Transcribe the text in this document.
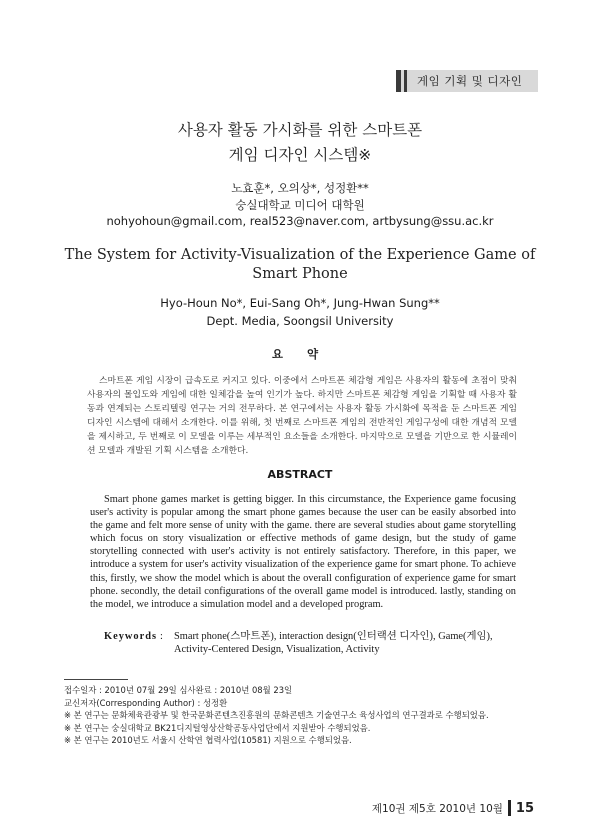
게임 기획 및 디자인
사용자 활동 가시화를 위한 스마트폰
게임 디자인 시스템※
노효훈*, 오의상*, 성정환**
숭실대학교 미디어 대학원
nohyohoun@gmail.com, real523@naver.com, artbysung@ssu.ac.kr
The System for Activity-Visualization of the Experience Game of Smart Phone
Hyo-Houn No*, Eui-Sang Oh*, Jung-Hwan Sung**
Dept. Media, Soongsil University
요 약
스마트폰 게임 시장이 급속도로 커지고 있다. 이중에서 스마트폰 체감형 게임은 사용자의 활동에 초점이 맞춰 사용자의 몰입도와 게임에 대한 일체감을 높여 인기가 높다. 하지만 스마트폰 체감형 게임을 기획할 때 사용자 활동과 연계되는 스토리텔링 연구는 거의 전무하다. 본 연구에서는 사용자 활동 가시화에 목적을 둔 스마트폰 게임 디자인 시스템에 대해서 소개한다. 이를 위해, 첫 번째로 스마트폰 게임의 전반적인 게임구성에 대한 개념적 모델을 제시하고, 두 번째로 이 모델을 이루는 세부적인 요소들을 소개한다. 마지막으로 모델을 기반으로 한 시뮬레이션 모델과 개발된 기획 시스템을 소개한다.
ABSTRACT
Smart phone games market is getting bigger. In this circumstance, the Experience game focusing user's activity is popular among the smart phone games because the user can be easily absorbed into the game and felt more sense of unity with the game. there are several studies about game storytelling which focus on story visualization or effective methods of game design, but the study of game storytelling connected with user's activity is not entirely satisfactory. Therefore, in this paper, we introduce a system for user's activity visualization of the experience game for smart phone. To achieve this, firstly, we show the model which is about the overall configuration of experience game for smart phone. secondly, the detail configurations of the overall game model is introduced. lastly, standing on the model, we introduce a simulation model and a developed program.
Keywords :	Smart phone(스마트폰), interaction design(인터랙션 디자인), Game(게임), Activity-Centered Design, Visualization, Activity
접수일자 : 2010년 07월 29일 심사완료 : 2010년 08월 23일
교신저자(Corresponding Author) : 성정환
※ 본 연구는 문화체육관광부 및 한국문화콘텐츠진흥원의 문화콘텐츠 기술연구소 육성사업의 연구결과로 수행되었음.
※ 본 연구는 숭실대학교 BK21디지털영상산학공동사업단에서 지원받아 수행되었음.
※ 본 연구는 2010년도 서울시 산학연 협력사업(10581) 지원으로 수행되었음.
제10권 제5호 2010년 10월 15
